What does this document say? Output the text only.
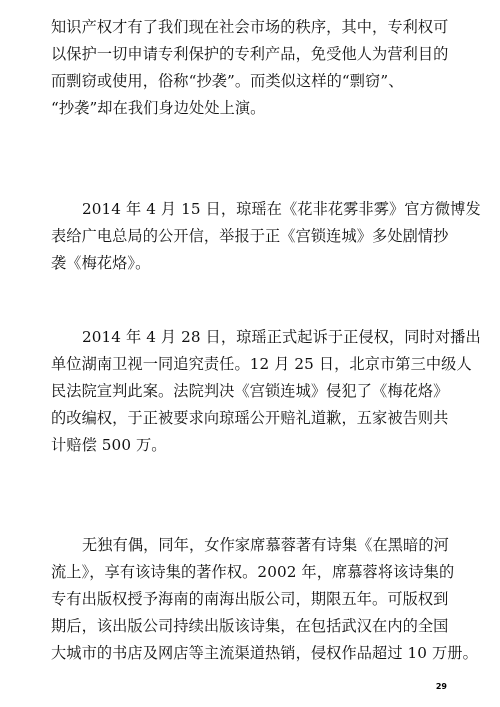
知识产权才有了我们现在社会市场的秩序，其中，专利权可
以保护一切申请专利保护的专利产品，免受他人为营利目的
而剽窃或使用，俗称“抄袭”。而类似这样的“剽窃”、
“抄袭”却在我们身边处处上演。
2014 年 4 月 15 日，琼瑶在《花非花雾非雾》官方微博发
表给广电总局的公开信，举报于正《宫锁连城》多处剧情抄
袭《梅花烙》。
2014 年 4 月 28 日，琼瑶正式起诉于正侵权，同时对播出
单位湖南卫视一同追究责任。12 月 25 日，北京市第三中级人
民法院宣判此案。法院判决《宫锁连城》侵犯了《梅花烙》
的改编权，于正被要求向琼瑶公开赔礼道歉，五家被告则共
计赔偿 500 万。
无独有偶，同年，女作家席慕蓉著有诗集《在黑暗的河
流上》，享有该诗集的著作权。2002 年，席慕蓉将该诗集的
专有出版权授予海南的南海出版公司，期限五年。可版权到
期后，该出版公司持续出版该诗集，在包括武汉在内的全国
大城市的书店及网店等主流渠道热销，侵权作品超过 10 万册。
29
